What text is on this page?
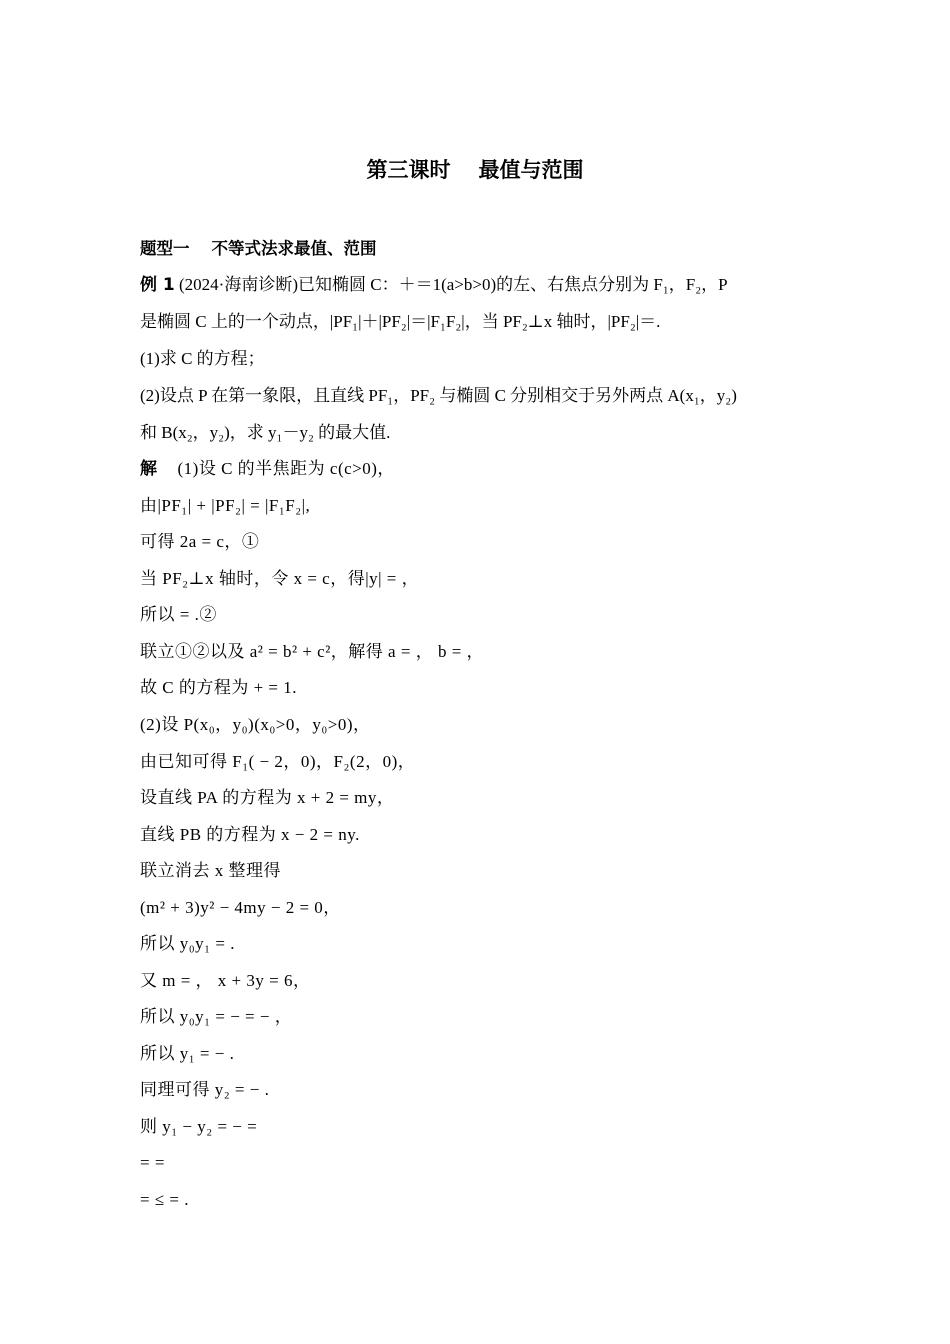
第三课时 最值与范围
题型一 不等式法求最值、范围
例 1 (2024·海南诊断)已知椭圆 C：＋＝1(a>b>0)的左、右焦点分别为 F₁，F₂，P
是椭圆 C 上的一个动点，|PF₁|＋|PF₂|＝|F₁F₂|，当 PF₂⊥x 轴时，|PF₂|＝.
(1)求 C 的方程；
(2)设点 P 在第一象限，且直线 PF₁，PF₂ 与椭圆 C 分别相交于另外两点 A(x₁，y₂)
和 B(x₂，y₂)，求 y₁－y₂ 的最大值.
解 (1)设 C 的半焦距为 c(c>0)，
由|PF₁| + |PF₂| = |F₁F₂|,
可得 2a = c，①
当 PF₂⊥x 轴时，令 x = c，得|y| = ，
所以 = .②
联立①②以及 a² = b² + c²，解得 a = ， b = ，
故 C 的方程为 + = 1.
(2)设 P(x₀，y₀)(x₀>0，y₀>0)，
由已知可得 F₁( − 2，0)，F₂(2，0)，
设直线 PA 的方程为 x + 2 = my，
直线 PB 的方程为 x − 2 = ny.
联立消去 x 整理得
(m² + 3)y² − 4my − 2 = 0，
所以 y₀y₁ = .
又 m = ， x + 3y = 6，
所以 y₀y₁ = − = − ，
所以 y₁ = − .
同理可得 y₂ = − .
则 y₁ − y₂ = − =
= =
= ≤ = .
